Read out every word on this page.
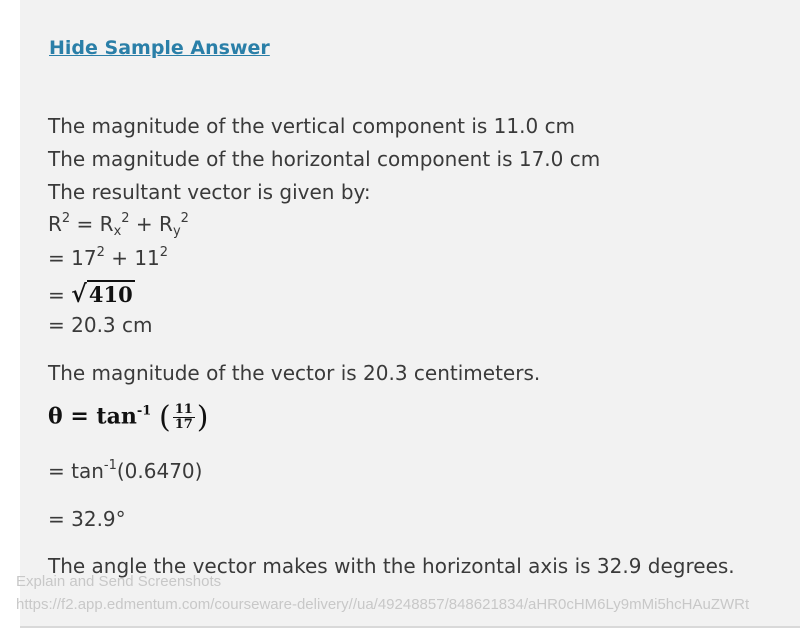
Hide Sample Answer
The magnitude of the vertical component is 11.0 cm
The magnitude of the horizontal component is 17.0 cm
The resultant vector is given by:
$R^2 = R_x^2 + R_y^2$
= $17^2 + 11^2$
= √410
= 20.3 cm
The magnitude of the vector is 20.3 centimeters.
$\theta = \tan^{-1}$ ( $\frac{11}{17}$ )
= $\tan^{-1}(0.6470)$
= 32.9°
The angle the vector makes with the horizontal axis is 32.9 degrees.
Explain and Send Screenshots
https://f2.app.edmentum.com/courseware-delivery//ua/49248857/848621834/aHR0cHM6Ly9mMi5hcHAuZWRt
